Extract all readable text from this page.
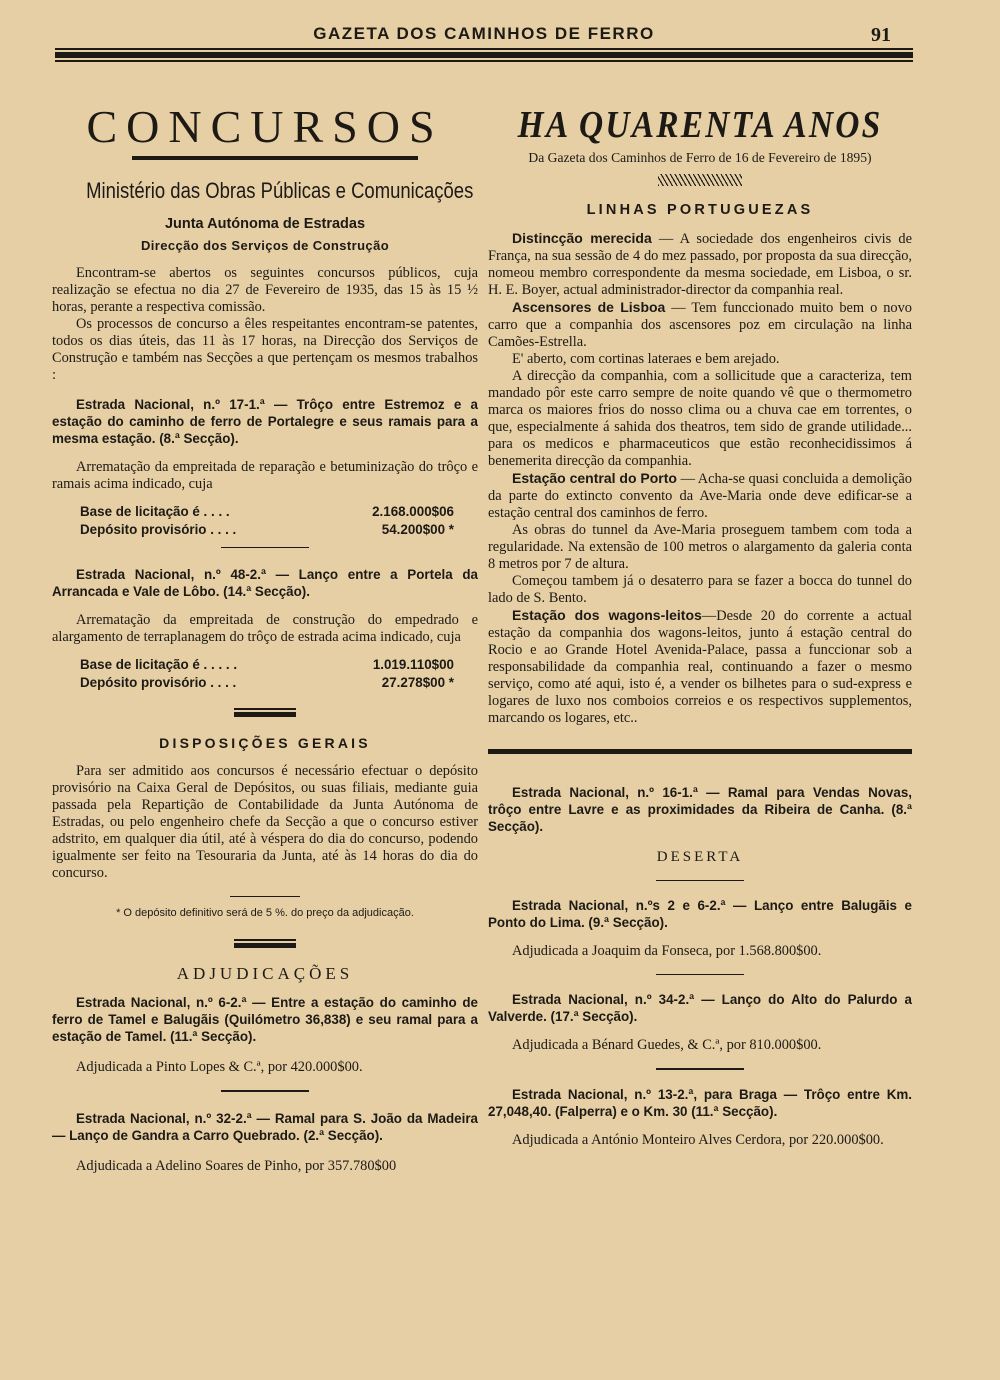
GAZETA DOS CAMINHOS DE FERRO	91
CONCURSOS
Ministério das Obras Públicas e Comunicações
Junta Autónoma de Estradas
Direcção dos Serviços de Construção

Encontram-se abertos os seguintes concursos públicos, cuja realização se efectua no dia 27 de Fevereiro de 1935, das 15 às 15 ½ horas, perante a respectiva comissão.

Os processos de concurso a êles respeitantes encontram-se patentes, todos os dias úteis, das 11 às 17 horas, na Direcção dos Serviços de Construção e também nas Secções a que pertençam os mesmos trabalhos :

Estrada Nacional, n.º 17-1.ª — Trôço entre Estremoz e a estação do caminho de ferro de Portalegre e seus ramais para a mesma estação. (8.ª Secção).

Arrematação da empreitada de reparação e betuminização do trôço e ramais acima indicado, cuja

Base de licitação é . . . .	2.168.000$06
Depósito provisório . . . .	54.200$00 *

Estrada Nacional, n.º 48-2.ª — Lanço entre a Portela da Arrancada e Vale de Lôbo. (14.ª Secção).

Arrematação da empreitada de construção do empedrado e alargamento de terraplanagem do trôço de estrada acima indicado, cuja

Base de licitação é . . . . .	1.019.110$00
Depósito provisório . . . .	27.278$00 *
DISPOSIÇÕES GERAIS

Para ser admitido aos concursos é necessário efectuar o depósito provisório na Caixa Geral de Depósitos, ou suas filiais, mediante guia passada pela Repartição de Contabilidade da Junta Autónoma de Estradas, ou pelo engenheiro chefe da Secção a que o concurso estiver adstrito, em qualquer dia útil, até à véspera do dia do concurso, podendo igualmente ser feito na Tesouraria da Junta, até às 14 horas do dia do concurso.

* O depósito definitivo será de 5 %. do preço da adjudicação.

ADJUDICAÇÕES

Estrada Nacional, n.º 6-2.ª — Entre a estação do caminho de ferro de Tamel e Balugãis (Quilómetro 36,838) e seu ramal para a estação de Tamel. (11.ª Secção).

Adjudicada a Pinto Lopes & C.ª, por 420.000$00.

Estrada Nacional, n.º 32-2.ª — Ramal para S. João da Madeira — Lanço de Gandra a Carro Quebrado. (2.ª Secção).

Adjudicada a Adelino Soares de Pinho, por 357.780$00

HA QUARENTA ANOS
Da Gazeta dos Caminhos de Ferro de 16 de Fevereiro de 1895)
LINHAS PORTUGUEZAS

Distincção merecida — A sociedade dos engenheiros civis de França, na sua sessão de 4 do mez passado, por proposta da sua direcção, nomeou membro correspondente da mesma sociedade, em Lisboa, o sr. H. E. Boyer, actual administrador-director da companhia real.

Ascensores de Lisboa — Tem funccionado muito bem o novo carro que a companhia dos ascensores poz em circulação na linha Camões-Estrella.

E' aberto, com cortinas lateraes e bem arejado.

A direcção da companhia, com a sollicitude que a caracteriza, tem mandado pôr este carro sempre de noite quando vê que o thermometro marca os maiores frios do nosso clima ou a chuva cae em torrentes, o que, especialmente á sahida dos theatros, tem sido de grande utilidade... para os medicos e pharmaceuticos que estão reconhecidissimos á benemerita direcção da companhia.

Estação central do Porto — Acha-se quasi concluida a demolição da parte do extincto convento da Ave-Maria onde deve edificar-se a estação central dos caminhos de ferro.

As obras do tunnel da Ave-Maria proseguem tambem com toda a regularidade. Na extensão de 100 metros o alargamento da galeria conta 8 metros por 7 de altura.

Começou tambem já o desaterro para se fazer a bocca do tunnel do lado de S. Bento.

Estação dos wagons-leitos—Desde 20 do corrente a actual estação da companhia dos wagons-leitos, junto á estação central do Rocio e ao Grande Hotel Avenida-Palace, passa a funccionar sob a responsabilidade da companhia real, continuando a fazer o mesmo serviço, como até aqui, isto é, a vender os bilhetes para o sud-express e logares de luxo nos comboios correios e os respectivos supplementos, marcando os logares, etc..

Estrada Nacional, n.º 16-1.ª — Ramal para Vendas Novas, trôço entre Lavre e as proximidades da Ribeira de Canha. (8.ª Secção).

DESERTA

Estrada Nacional, n.ºs 2 e 6-2.ª — Lanço entre Balugãis e Ponto do Lima. (9.ª Secção).

Adjudicada a Joaquim da Fonseca, por 1.568.800$00.

Estrada Nacional, n.º 34-2.ª — Lanço do Alto do Palurdo a Valverde. (17.ª Secção).

Adjudicada a Bénard Guedes, & C.ª, por 810.000$00.

Estrada Nacional, n.º 13-2.ª, para Braga — Trôço entre Km. 27,048,40. (Falperra) e o Km. 30 (11.ª Secção).

Adjudicada a António Monteiro Alves Cerdora, por 220.000$00.
